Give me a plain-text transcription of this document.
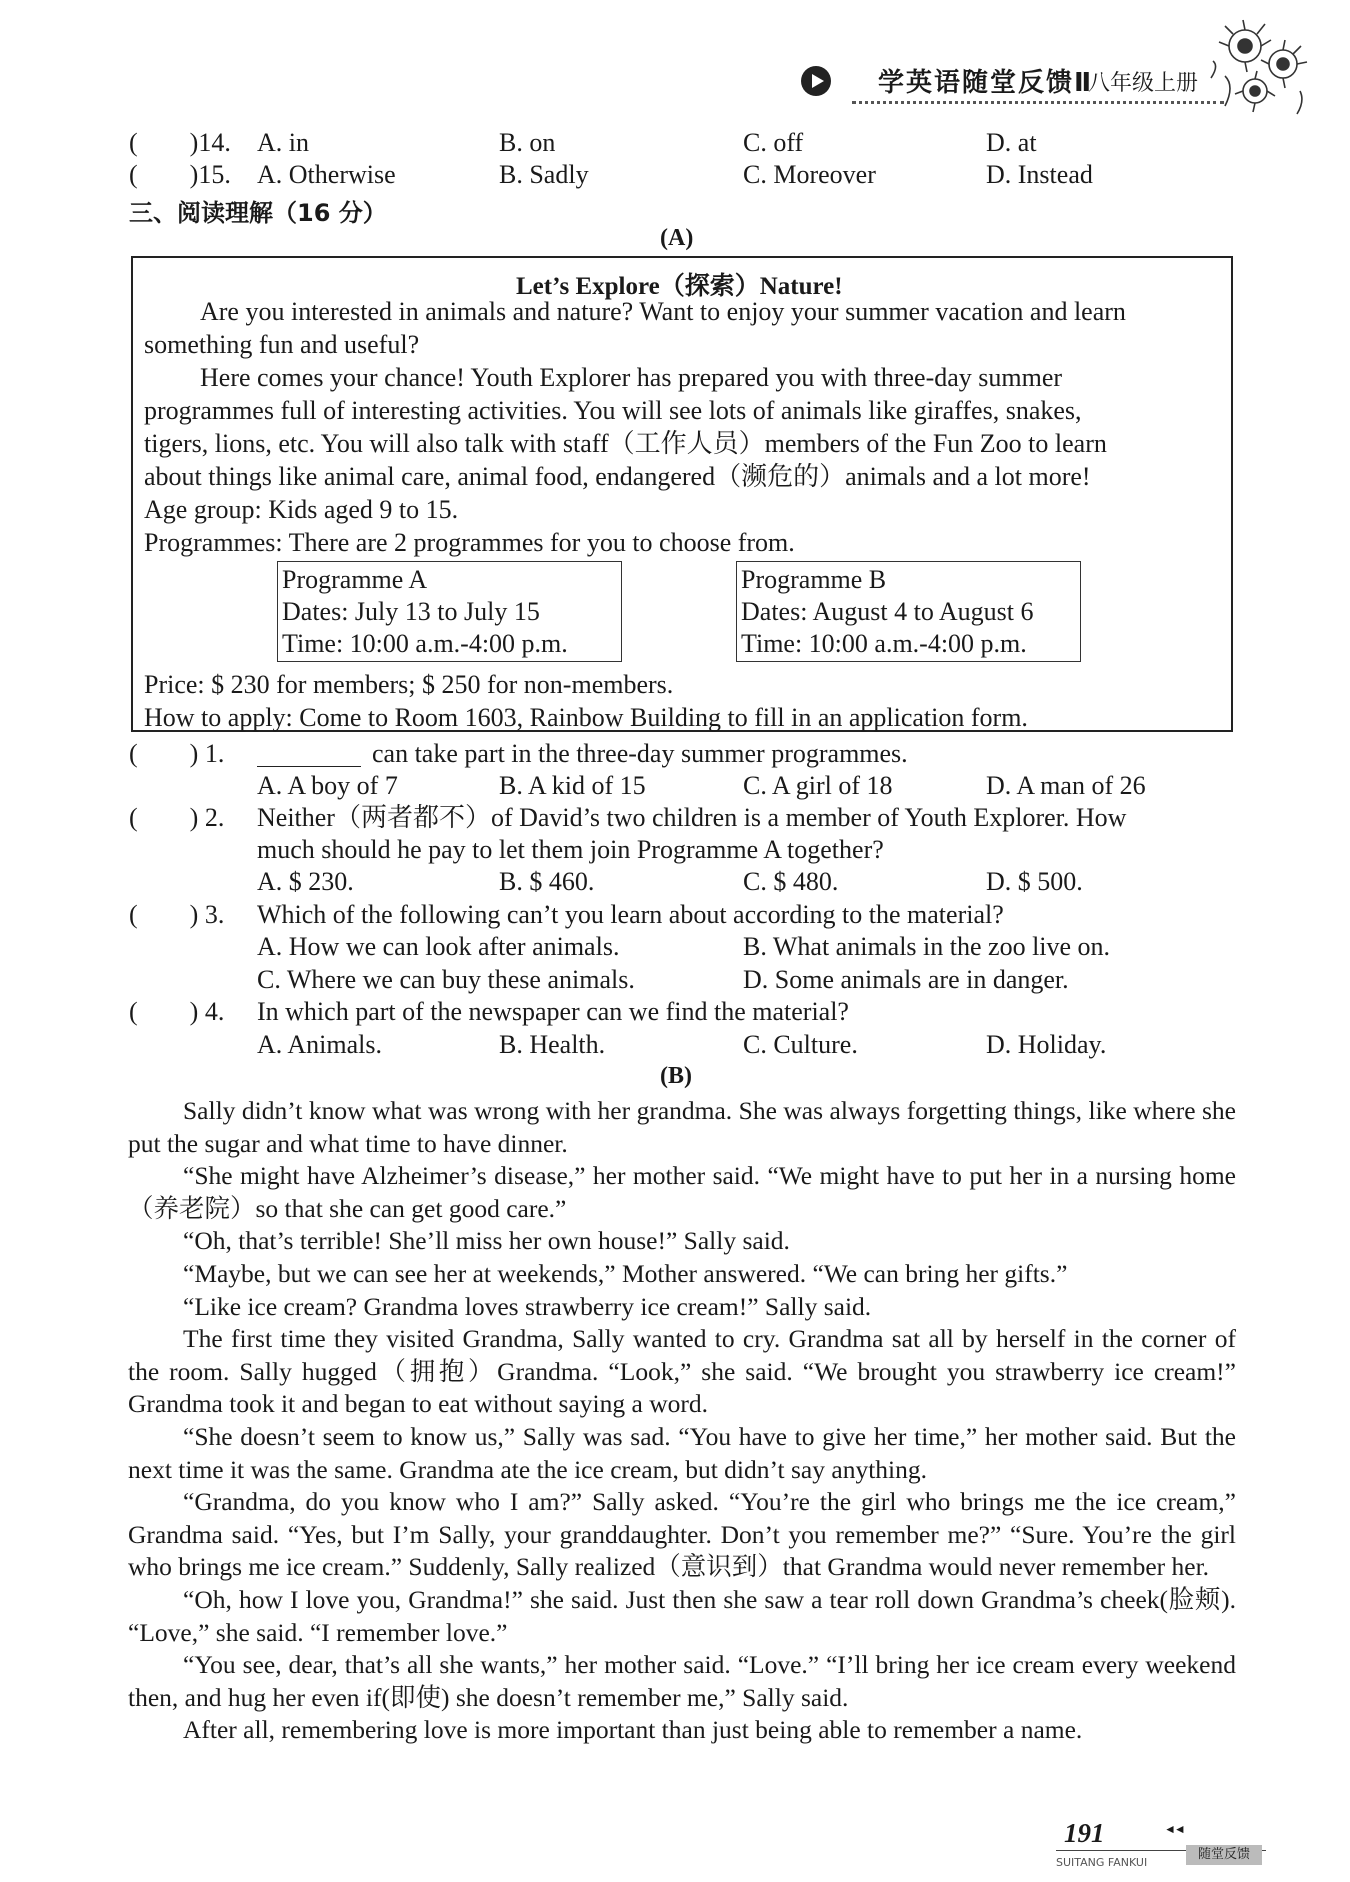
学英语随堂反馈Ⅱ
八年级上册
(　　)14. A. in	B. on	C. off	D. at
(　　)15. A. Otherwise	B. Sadly	C. Moreover	D. Instead
三、阅读理解（16 分）
(A)
Let’s Explore（探索）Nature!
Are you interested in animals and nature? Want to enjoy your summer vacation and learn
something fun and useful?
Here comes your chance! Youth Explorer has prepared you with three-day summer
programmes full of interesting activities. You will see lots of animals like giraffes, snakes,
tigers, lions, etc. You will also talk with staff（工作人员）members of the Fun Zoo to learn
about things like animal care, animal food, endangered（濒危的）animals and a lot more!
Age group: Kids aged 9 to 15.
Programmes: There are 2 programmes for you to choose from.
Programme A
Dates: July 13 to July 15
Time: 10:00 a.m.-4:00 p.m.
Programme B
Dates: August 4 to August 6
Time: 10:00 a.m.-4:00 p.m.
Price: $ 230 for members; $ 250 for non-members.
How to apply: Come to Room 1603, Rainbow Building to fill in an application form.
(　　) 1.	can take part in the three-day summer programmes.
A. A boy of 7	B. A kid of 15	C. A girl of 18	D. A man of 26
(　　) 2. Neither（两者都不）of David’s two children is a member of Youth Explorer. How
much should he pay to let them join Programme A together?
A. $ 230.	B. $ 460.	C. $ 480.	D. $ 500.
(　　) 3. Which of the following can’t you learn about according to the material?
A. How we can look after animals.	B. What animals in the zoo live on.
C. Where we can buy these animals.	D. Some animals are in danger.
(　　) 4. In which part of the newspaper can we find the material?
A. Animals.	B. Health.	C. Culture.	D. Holiday.
(B)

Sally didn’t know what was wrong with her grandma. She was always forgetting things, like where she put the sugar and what time to have dinner.

“She might have Alzheimer’s disease,” her mother said. “We might have to put her in a nursing home（养老院）so that she can get good care.”

“Oh, that’s terrible! She’ll miss her own house!” Sally said.

“Maybe, but we can see her at weekends,” Mother answered. “We can bring her gifts.”

“Like ice cream? Grandma loves strawberry ice cream!” Sally said.

The first time they visited Grandma, Sally wanted to cry. Grandma sat all by herself in the corner of the room. Sally hugged（拥抱）Grandma. “Look,” she said. “We brought you strawberry ice cream!” Grandma took it and began to eat without saying a word.

“She doesn’t seem to know us,” Sally was sad. “You have to give her time,” her mother said. But the next time it was the same. Grandma ate the ice cream, but didn’t say anything.

“Grandma, do you know who I am?” Sally asked. “You’re the girl who brings me the ice cream,” Grandma said. “Yes, but I’m Sally, your granddaughter. Don’t you remember me?” “Sure. You’re the girl who brings me ice cream.” Suddenly, Sally realized（意识到）that Grandma would never remember her.

“Oh, how I love you, Grandma!” she said. Just then she saw a tear roll down Grandma’s cheek(脸颊). “Love,” she said. “I remember love.”

“You see, dear, that’s all she wants,” her mother said. “Love.” “I’ll bring her ice cream every weekend then, and hug her even if(即使) she doesn’t remember me,” Sally said.

After all, remembering love is more important than just being able to remember a name.

191	◄◄
SUITANG FANKUI
随堂反馈
